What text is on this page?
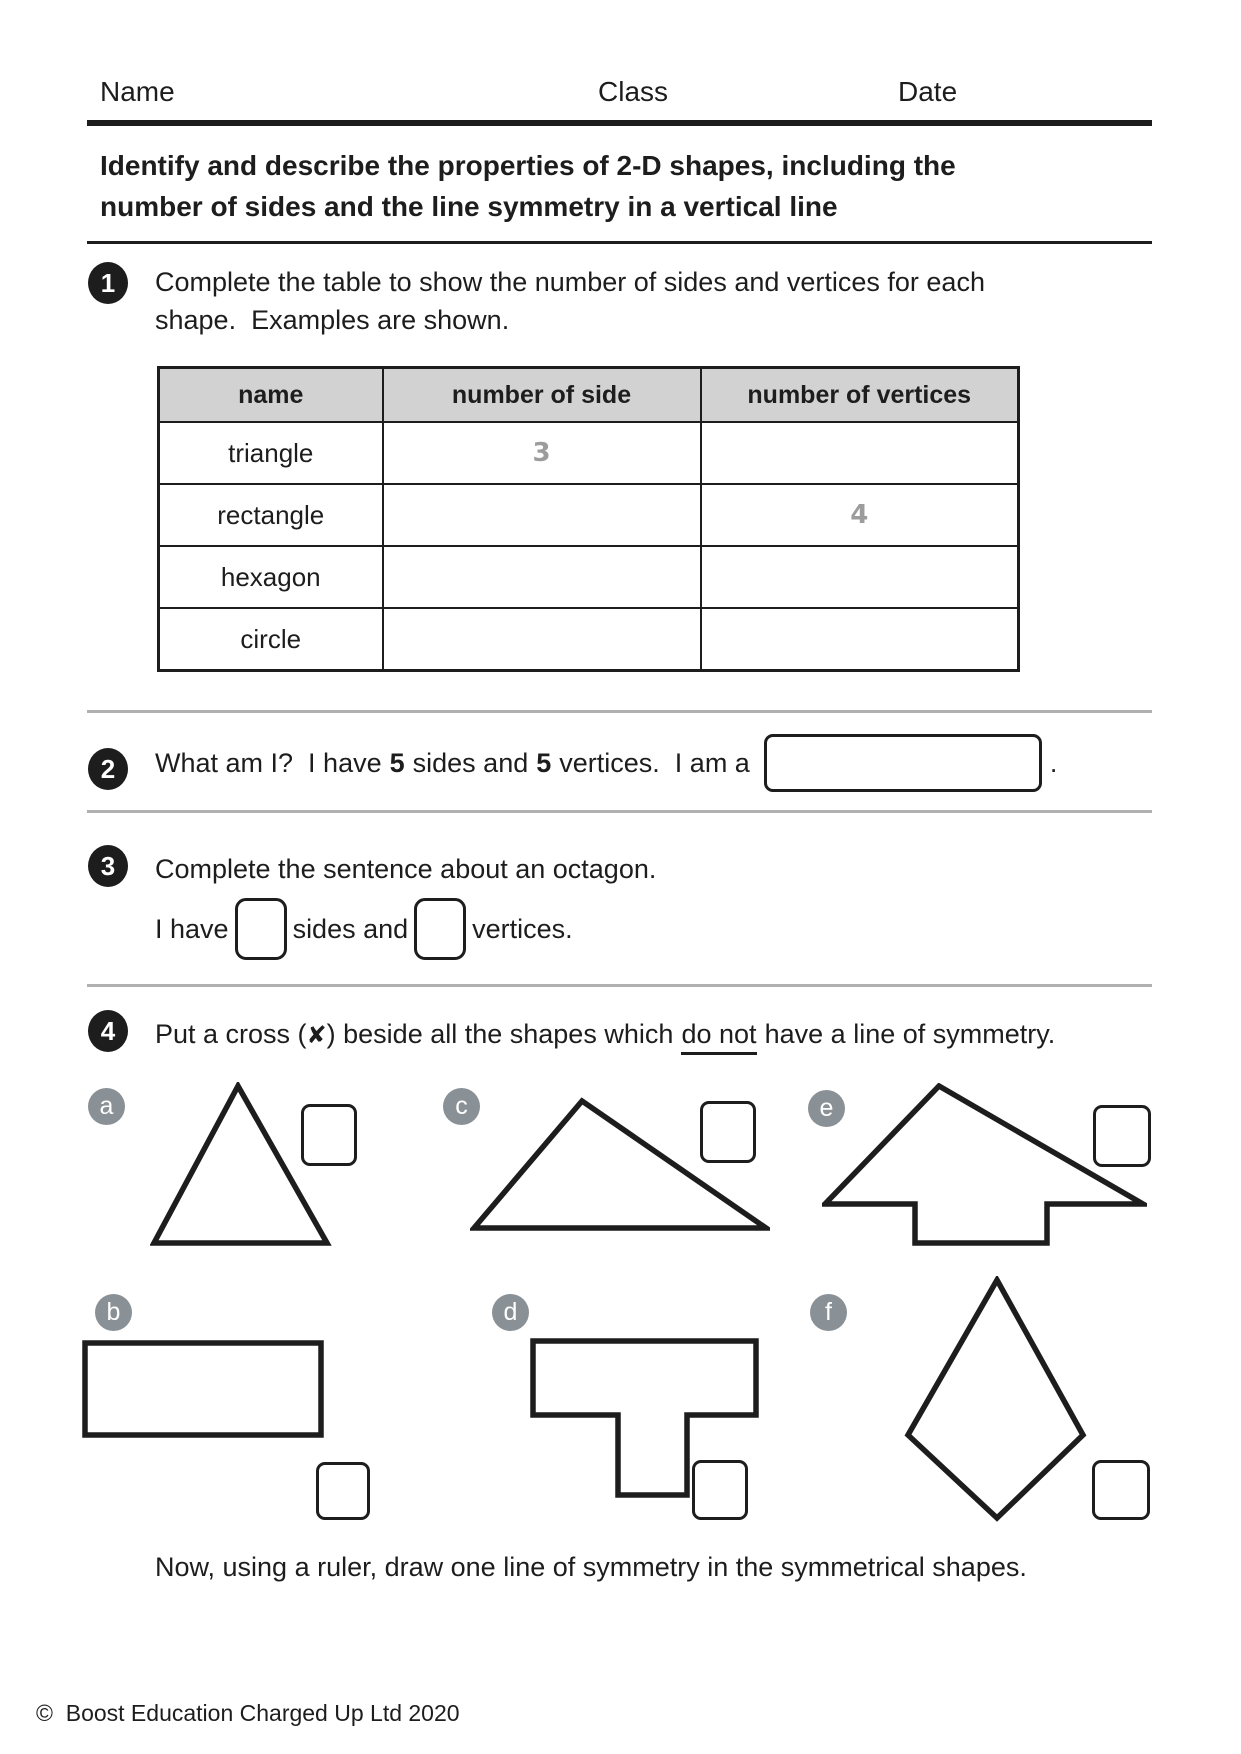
Name	Class	Date
Identify and describe the properties of 2-D shapes, including the
number of sides and the line symmetry in a vertical line
1	Complete the table to show the number of sides and vertices for each
shape.  Examples are shown.
name	number of side	number of vertices
triangle	3	
rectangle		4
hexagon		
circle		
2	What am I?  I have 5 sides and 5 vertices.  I am a	.
3	Complete the sentence about an octagon.
I have sides and vertices.
4	Put a cross (✘) beside all the shapes which do not have a line of symmetry.
a	c	e
b	d	f
Now, using a ruler, draw one line of symmetry in the symmetrical shapes.
©  Boost Education Charged Up Ltd 2020
